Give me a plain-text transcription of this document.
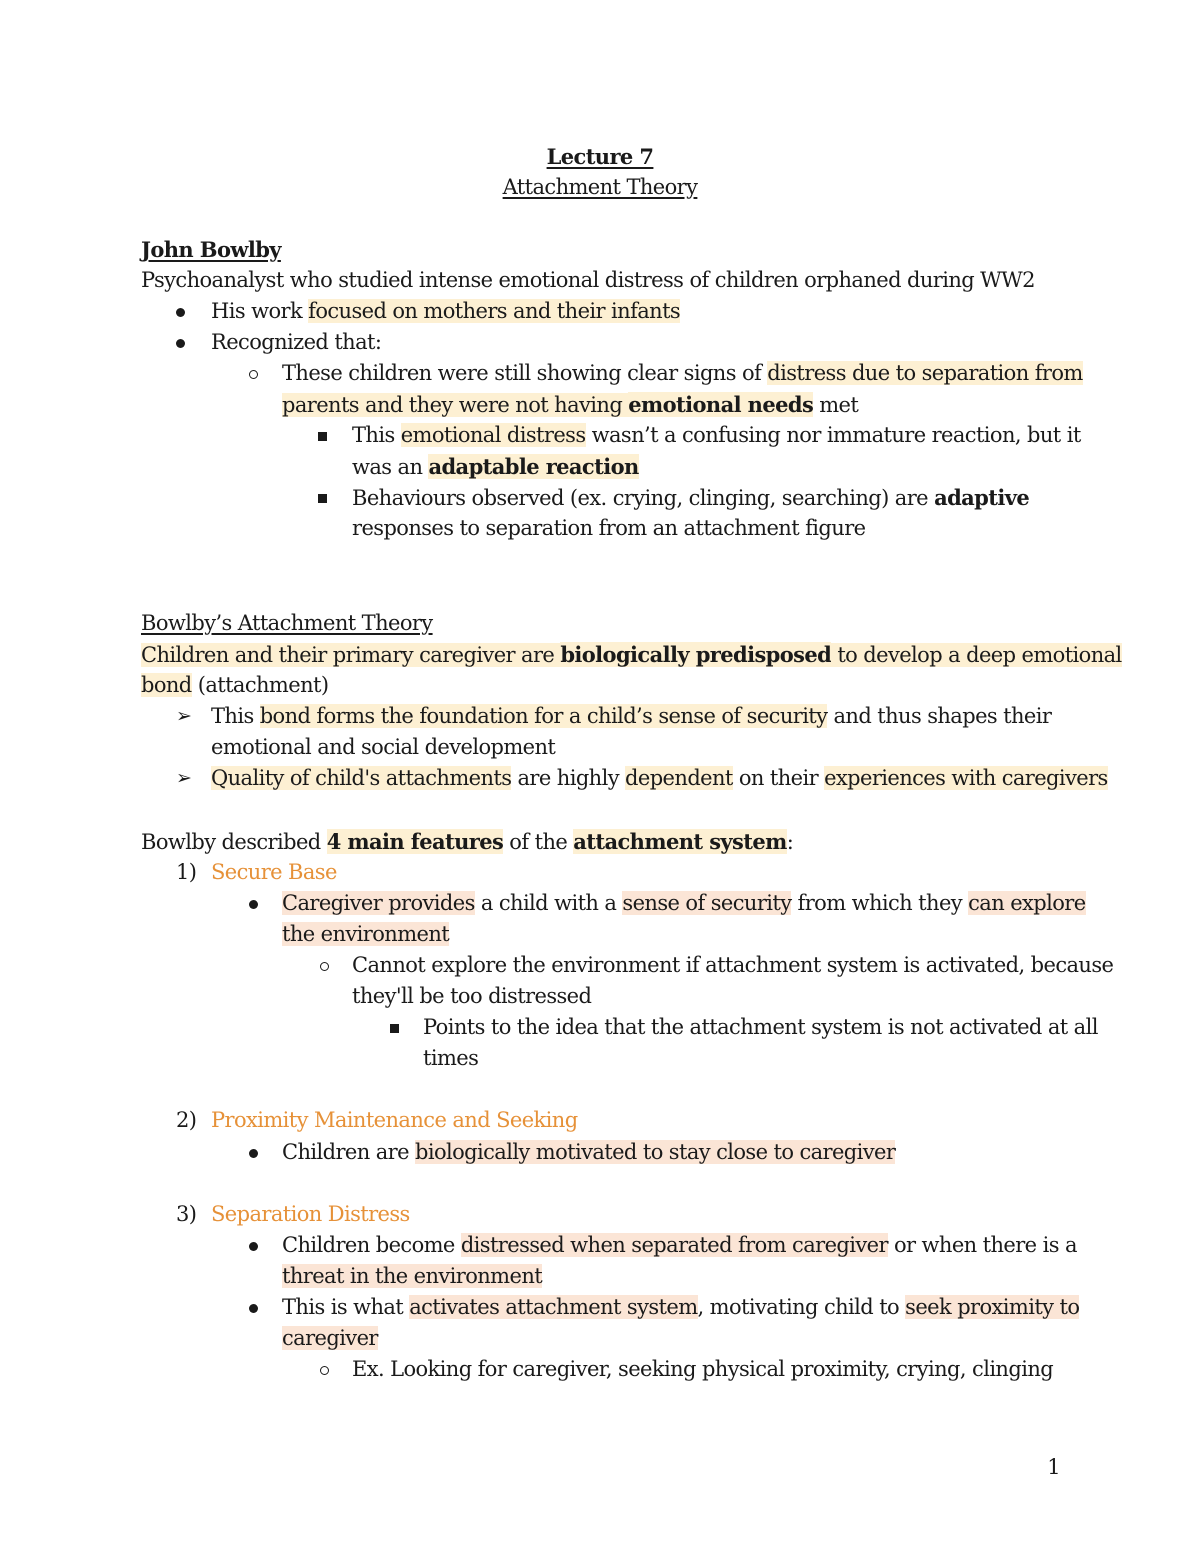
Lecture 7
Attachment Theory
John Bowlby
Psychoanalyst who studied intense emotional distress of children orphaned during WW2
His work focused on mothers and their infants
Recognized that:
These children were still showing clear signs of distress due to separation from
parents and they were not having emotional needs met
This emotional distress wasn’t a confusing nor immature reaction, but it
was an adaptable reaction
Behaviours observed (ex. crying, clinging, searching) are adaptive
responses to separation from an attachment figure
Bowlby’s Attachment Theory
Children and their primary caregiver are biologically predisposed to develop a deep emotional
bond (attachment)
➢ This bond forms the foundation for a child’s sense of security and thus shapes their
emotional and social development
➢ Quality of child's attachments are highly dependent on their experiences with caregivers
Bowlby described 4 main features of the attachment system:
1) Secure Base
Caregiver provides a child with a sense of security from which they can explore
the environment
Cannot explore the environment if attachment system is activated, because
they'll be too distressed
Points to the idea that the attachment system is not activated at all
times
2) Proximity Maintenance and Seeking
Children are biologically motivated to stay close to caregiver
3) Separation Distress
Children become distressed when separated from caregiver or when there is a
threat in the environment
This is what activates attachment system, motivating child to seek proximity to
caregiver
Ex. Looking for caregiver, seeking physical proximity, crying, clinging
1
